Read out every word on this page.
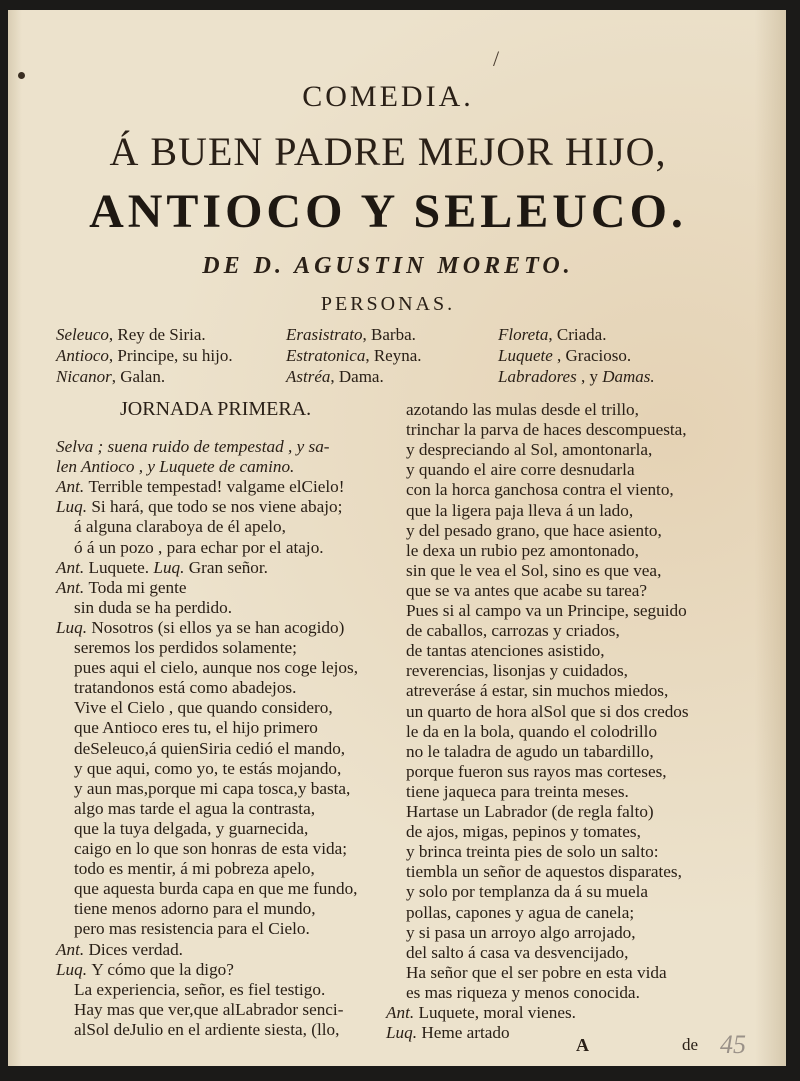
/
COMEDIA.
Á BUEN PADRE MEJOR HIJO,
ANTIOCO Y SELEUCO.
DE D. AGUSTIN MORETO.
PERSONAS.
Seleuco, Rey de Siria.
Antioco, Principe, su hijo.
Nicanor, Galan.
Erasistrato, Barba.
Estratonica, Reyna.
Astréa, Dama.
Floreta, Criada.
Luquete , Gracioso.
Labradores , y Damas.
JORNADA PRIMERA.
Selva ; suena ruido de tempestad , y sa-
len Antioco , y Luquete de camino.
Ant. Terrible tempestad! valgame elCielo!
Luq. Si hará, que todo se nos viene abajo;
á alguna claraboya de él apelo,
ó á un pozo , para echar por el atajo.
Ant. Luquete. Luq. Gran señor.
Ant. Toda mi gente
sin duda se ha perdido.
Luq. Nosotros (si ellos ya se han acogido)
seremos los perdidos solamente;
pues aqui el cielo, aunque nos coge lejos,
tratandonos está como abadejos.
Vive el Cielo , que quando considero,
que Antioco eres tu, el hijo primero
deSeleuco,á quienSiria cedió el mando,
y que aqui, como yo, te estás mojando,
y aun mas,porque mi capa tosca,y basta,
algo mas tarde el agua la contrasta,
que la tuya delgada, y guarnecida,
caigo en lo que son honras de esta vida;
todo es mentir, á mi pobreza apelo,
que aquesta burda capa en que me fundo,
tiene menos adorno para el mundo,
pero mas resistencia para el Cielo.
Ant. Dices verdad.
Luq. Y cómo que la digo?
La experiencia, señor, es fiel testigo.
Hay mas que ver,que alLabrador senci-
alSol deJulio en el ardiente siesta, (llo,
azotando las mulas desde el trillo,
trinchar la parva de haces descompuesta,
y despreciando al Sol, amontonarla,
y quando el aire corre desnudarla
con la horca ganchosa contra el viento,
que la ligera paja lleva á un lado,
y del pesado grano, que hace asiento,
le dexa un rubio pez amontonado,
sin que le vea el Sol, sino es que vea,
que se va antes que acabe su tarea?
Pues si al campo va un Principe, seguido
de caballos, carrozas y criados,
de tantas atenciones asistido,
reverencias, lisonjas y cuidados,
atreveráse á estar, sin muchos miedos,
un quarto de hora alSol que si dos credos
le da en la bola, quando el colodrillo
no le taladra de agudo un tabardillo,
porque fueron sus rayos mas corteses,
tiene jaqueca para treinta meses.
Hartase un Labrador (de regla falto)
de ajos, migas, pepinos y tomates,
y brinca treinta pies de solo un salto:
tiembla un señor de aquestos disparates,
y solo por templanza da á su muela
pollas, capones y agua de canela;
y si pasa un arroyo algo arrojado,
del salto á casa va desvencijado,
Ha señor que el ser pobre en esta vida
es mas riqueza y menos conocida.
Ant. Luquete, moral vienes.
Luq. Heme artado
A	de 45
